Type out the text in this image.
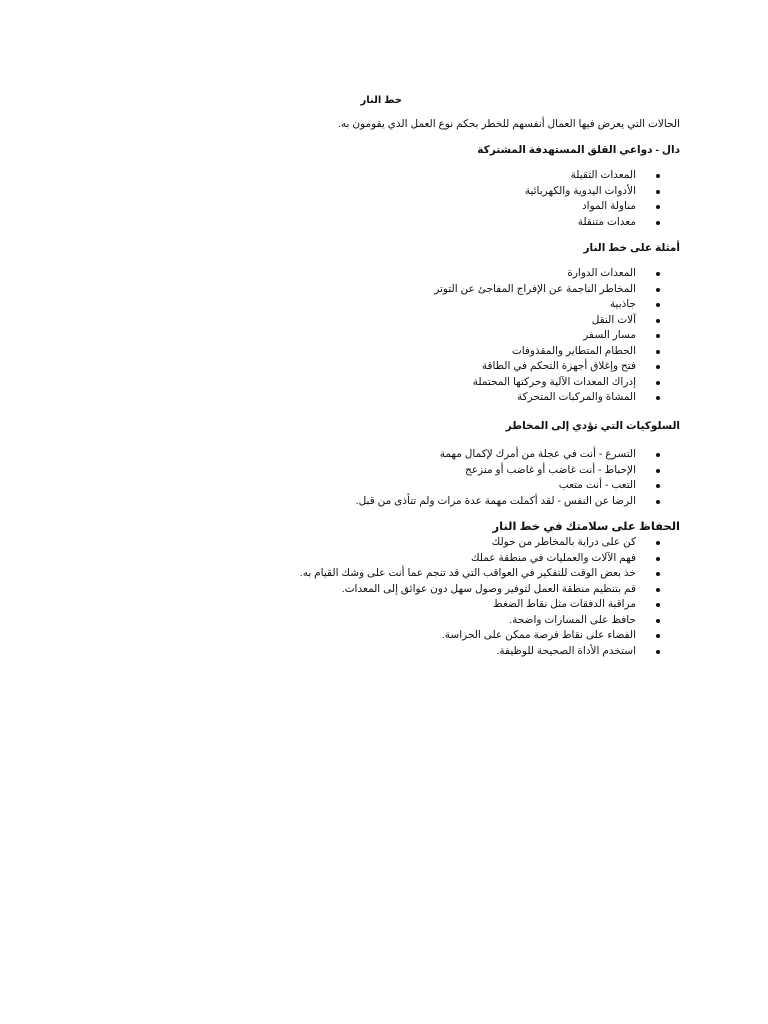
خط النار
الحالات التي يعرض فيها العمال أنفسهم للخطر بحكم نوع العمل الذي يقومون به.
دال - دواعي القلق المستهدفة المشتركة
المعدات الثقيلة
الأدوات اليدوية والكهربائية
مناولة المواد
معدات متنقلة
أمثلة على خط النار
المعدات الدوارة
المخاطر الناجمة عن الإفراج المفاجئ عن التوتر
جاذبية
آلات النقل
مسار السفر
الحطام المتطاير والمقذوفات
فتح وإغلاق أجهزة التحكم في الطاقة
إدراك المعدات الآلية وحركتها المحتملة
المشاة والمركبات المتحركة
السلوكيات التي تؤدي إلى المخاطر
التسرع - أنت في عجلة من أمرك لإكمال مهمة
الإحباط - أنت غاضب أو غاضب أو منزعج
التعب - أنت متعب
الرضا عن النفس - لقد أكملت مهمة عدة مرات ولم تتأذى من قبل.
الحفاظ على سلامتك في خط النار
كن على دراية بالمخاطر من حولك
فهم الآلات والعمليات في منطقة عملك
خذ بعض الوقت للتفكير في العواقب التي قد تنجم عما أنت على وشك القيام به.
قم بتنظيم منطقة العمل لتوفير وصول سهل دون عوائق إلى المعدات.
مراقبة الدفقات مثل نقاط الضغط
حافظ على المسارات واضحة.
الفضاء على نقاط فرصة ممكن على الحراسة.
استخدم الأداة الصحيحة للوظيفة.
